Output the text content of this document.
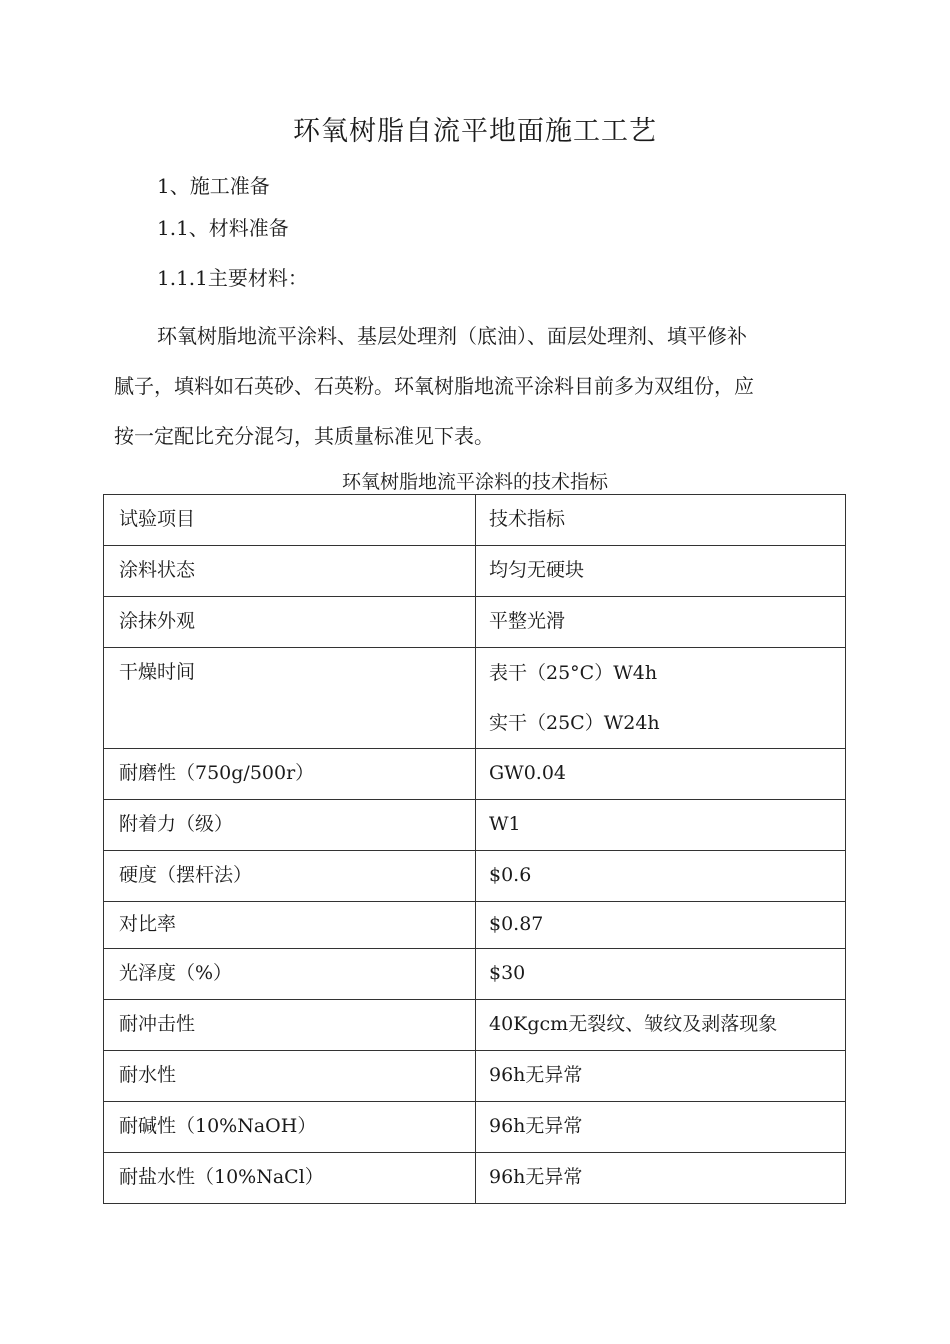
环氧树脂自流平地面施工工艺
1、施工准备
1.1、材料准备
1.1.1主要材料：
环氧树脂地流平涂料、基层处理剂（底油）、面层处理剂、填平修补
腻子，填料如石英砂、石英粉。环氧树脂地流平涂料目前多为双组份，应
按一定配比充分混匀，其质量标准见下表。
环氧树脂地流平涂料的技术指标
试验项目	技术指标
涂料状态	均匀无硬块
涂抹外观	平整光滑
干燥时间	表干（25°C）W4h
实干（25C）W24h

耐磨性（750g/500r）	GW0.04
附着力（级）	W1
硬度（摆杆法）	$0.6
对比率	$0.87
光泽度（%）	$30
耐冲击性	40Kgcm无裂纹、皱纹及剥落现象
耐水性	96h无异常
耐碱性（10%NaOH）	96h无异常
耐盐水性（10%NaCl）	96h无异常
